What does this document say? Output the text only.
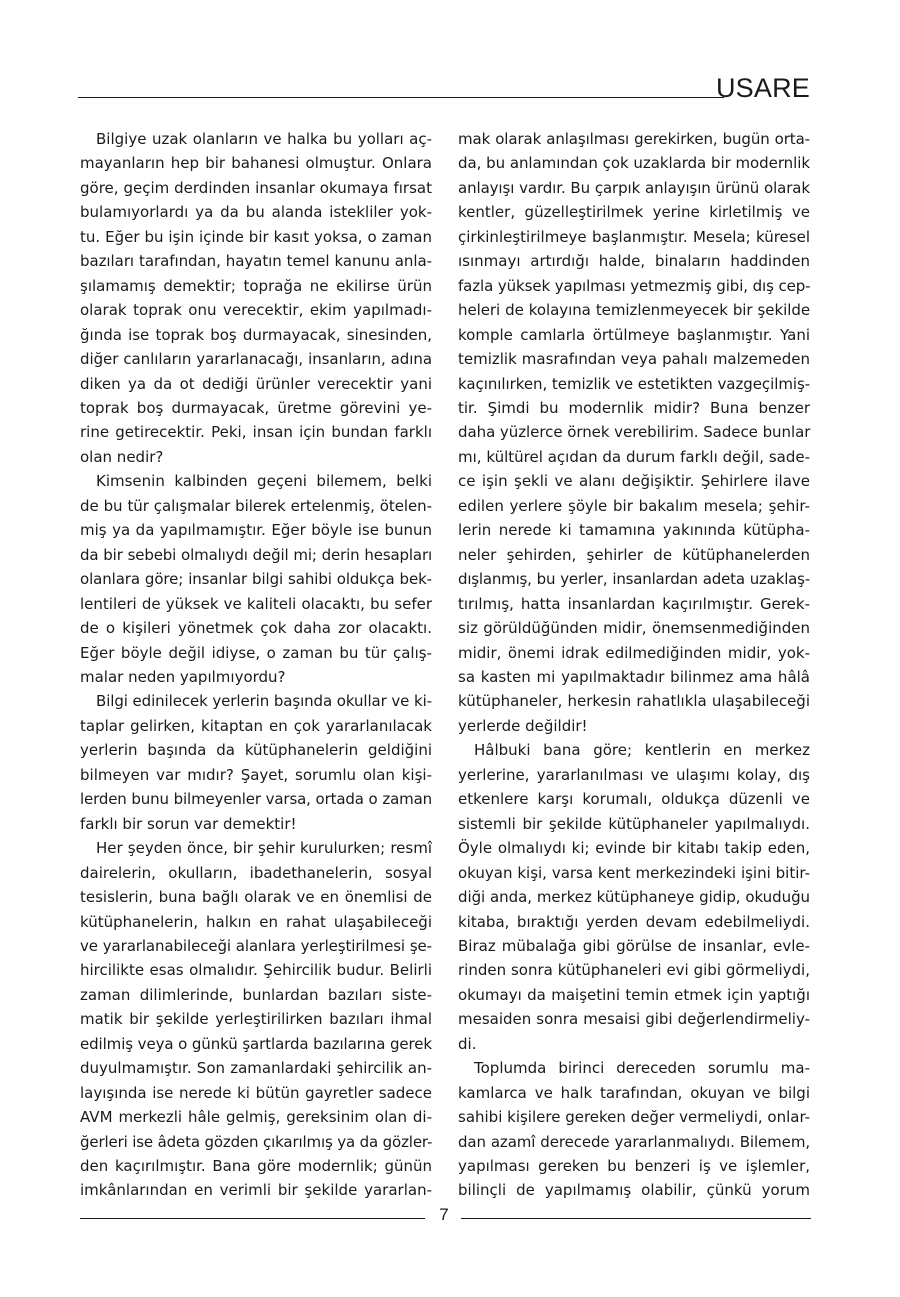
USARE
Bilgiye uzak olanların ve halka bu yolları aç-
mayanların hep bir bahanesi olmuştur. Onlara
göre, geçim derdinden insanlar okumaya fırsat
bulamıyorlardı ya da bu alanda istekliler yok-
tu. Eğer bu işin içinde bir kasıt yoksa, o zaman
bazıları tarafından, hayatın temel kanunu anla-
şılamamış demektir; toprağa ne ekilirse ürün
olarak toprak onu verecektir, ekim yapılmadı-
ğında ise toprak boş durmayacak, sinesinden,
diğer canlıların yararlanacağı, insanların, adına
diken ya da ot dediği ürünler verecektir yani
toprak boş durmayacak, üretme görevini ye-
rine getirecektir. Peki, insan için bundan farklı
olan nedir?
Kimsenin kalbinden geçeni bilemem, belki
de bu tür çalışmalar bilerek ertelenmiş, ötelen-
miş ya da yapılmamıştır. Eğer böyle ise bunun
da bir sebebi olmalıydı değil mi; derin hesapları
olanlara göre; insanlar bilgi sahibi oldukça bek-
lentileri de yüksek ve kaliteli olacaktı, bu sefer
de o kişileri yönetmek çok daha zor olacaktı.
Eğer böyle değil idiyse, o zaman bu tür çalış-
malar neden yapılmıyordu?
Bilgi edinilecek yerlerin başında okullar ve ki-
taplar gelirken, kitaptan en çok yararlanılacak
yerlerin başında da kütüphanelerin geldiğini
bilmeyen var mıdır? Şayet, sorumlu olan kişi-
lerden bunu bilmeyenler varsa, ortada o zaman
farklı bir sorun var demektir!
Her şeyden önce, bir şehir kurulurken; resmî
dairelerin, okulların, ibadethanelerin, sosyal
tesislerin, buna bağlı olarak ve en önemlisi de
kütüphanelerin, halkın en rahat ulaşabileceği
ve yararlanabileceği alanlara yerleştirilmesi şe-
hircilikte esas olmalıdır. Şehircilik budur. Belirli
zaman dilimlerinde, bunlardan bazıları siste-
matik bir şekilde yerleştirilirken bazıları ihmal
edilmiş veya o günkü şartlarda bazılarına gerek
duyulmamıştır. Son zamanlardaki şehircilik an-
layışında ise nerede ki bütün gayretler sadece
AVM merkezli hâle gelmiş, gereksinim olan di-
ğerleri ise âdeta gözden çıkarılmış ya da gözler-
den kaçırılmıştır. Bana göre modernlik; günün
imkânlarından en verimli bir şekilde yararlan-
mak olarak anlaşılması gerekirken, bugün orta-
da, bu anlamından çok uzaklarda bir modernlik
anlayışı vardır. Bu çarpık anlayışın ürünü olarak
kentler, güzelleştirilmek yerine kirletilmiş ve
çirkinleştirilmeye başlanmıştır. Mesela; küresel
ısınmayı artırdığı halde, binaların haddinden
fazla yüksek yapılması yetmezmiş gibi, dış cep-
heleri de kolayına temizlenmeyecek bir şekilde
komple camlarla örtülmeye başlanmıştır. Yani
temizlik masrafından veya pahalı malzemeden
kaçınılırken, temizlik ve estetikten vazgeçilmiş-
tir. Şimdi bu modernlik midir? Buna benzer
daha yüzlerce örnek verebilirim. Sadece bunlar
mı, kültürel açıdan da durum farklı değil, sade-
ce işin şekli ve alanı değişiktir. Şehirlere ilave
edilen yerlere şöyle bir bakalım mesela; şehir-
lerin nerede ki tamamına yakınında kütüpha-
neler şehirden, şehirler de kütüphanelerden
dışlanmış, bu yerler, insanlardan adeta uzaklaş-
tırılmış, hatta insanlardan kaçırılmıştır. Gerek-
siz görüldüğünden midir, önemsenmediğinden
midir, önemi idrak edilmediğinden midir, yok-
sa kasten mi yapılmaktadır bilinmez ama hâlâ
kütüphaneler, herkesin rahatlıkla ulaşabileceği
yerlerde değildir!
Hâlbuki bana göre; kentlerin en merkez
yerlerine, yararlanılması ve ulaşımı kolay, dış
etkenlere karşı korumalı, oldukça düzenli ve
sistemli bir şekilde kütüphaneler yapılmalıydı.
Öyle olmalıydı ki; evinde bir kitabı takip eden,
okuyan kişi, varsa kent merkezindeki işini bitir-
diği anda, merkez kütüphaneye gidip, okuduğu
kitaba, bıraktığı yerden devam edebilmeliydi.
Biraz mübalağa gibi görülse de insanlar, evle-
rinden sonra kütüphaneleri evi gibi görmeliydi,
okumayı da maişetini temin etmek için yaptığı
mesaiden sonra mesaisi gibi değerlendirmeliy-
di.
Toplumda birinci dereceden sorumlu ma-
kamlarca ve halk tarafından, okuyan ve bilgi
sahibi kişilere gereken değer vermeliydi, onlar-
dan azamî derecede yararlanmalıydı. Bilemem,
yapılması gereken bu benzeri iş ve işlemler,
bilinçli de yapılmamış olabilir, çünkü yorum
7
